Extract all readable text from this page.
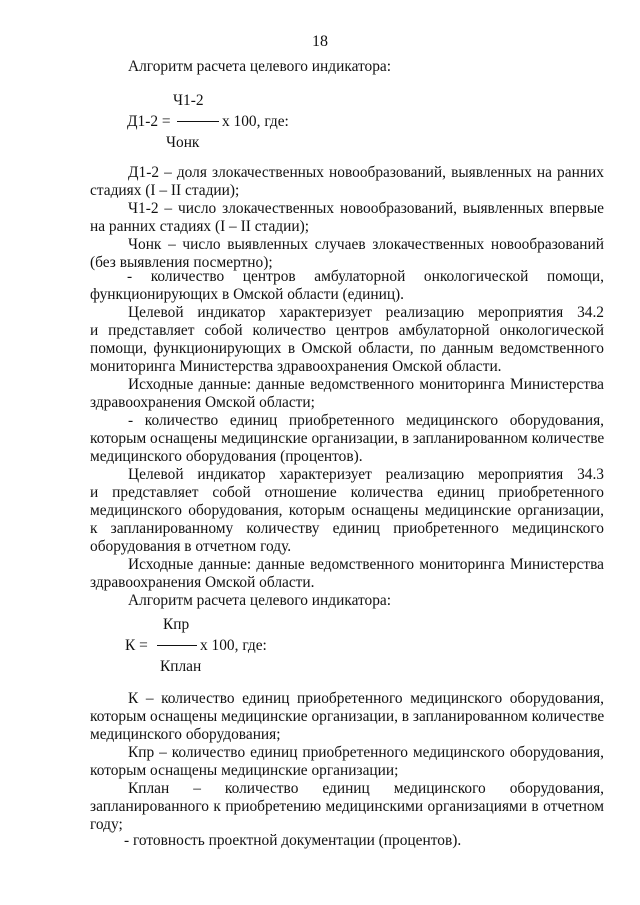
18
Алгоритм расчета целевого индикатора:
Ч1-2
Д1-2 =	х 100, где:
Чонк
Д1-2 – доля злокачественных новообразований, выявленных на ранних
стадиях (I – II стадии);
Ч1-2 – число злокачественных новообразований, выявленных впервые
на ранних стадиях (I – II стадии);
Чонк – число выявленных случаев злокачественных новообразований
(без выявления посмертно);
- количество центров амбулаторной онкологической помощи,
функционирующих в Омской области (единиц).
Целевой индикатор характеризует реализацию мероприятия 34.2
и представляет собой количество центров амбулаторной онкологической
помощи, функционирующих в Омской области, по данным ведомственного
мониторинга Министерства здравоохранения Омской области.
Исходные данные: данные ведомственного мониторинга Министерства
здравоохранения Омской области;
- количество единиц приобретенного медицинского оборудования,
которым оснащены медицинские организации, в запланированном количестве
медицинского оборудования (процентов).
Целевой индикатор характеризует реализацию мероприятия 34.3
и представляет собой отношение количества единиц приобретенного
медицинского оборудования, которым оснащены медицинские организации,
к запланированному количеству единиц приобретенного медицинского
оборудования в отчетном году.
Исходные данные: данные ведомственного мониторинга Министерства
здравоохранения Омской области.
Алгоритм расчета целевого индикатора:
Кпр
К =	х 100, где:
Кплан
К – количество единиц приобретенного медицинского оборудования,
которым оснащены медицинские организации, в запланированном количестве
медицинского оборудования;
Кпр – количество единиц приобретенного медицинского оборудования,
которым оснащены медицинские организации;
Кплан – количество единиц медицинского оборудования,
запланированного к приобретению медицинскими организациями в отчетном
году;
- готовность проектной документации (процентов).
